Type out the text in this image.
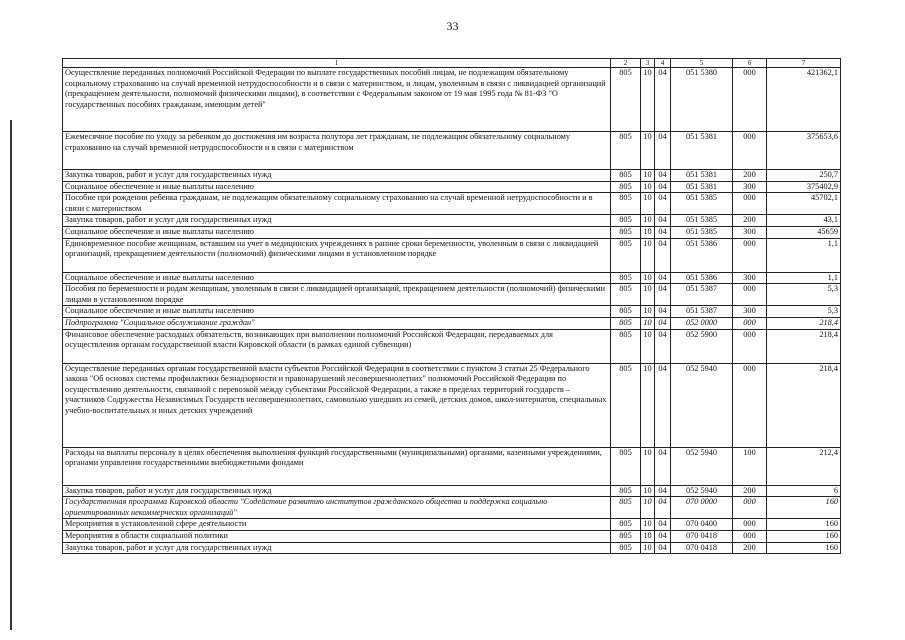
33
1	2	3	4	5	6	7
Осуществление переданных полномочий Российской Федерации по выплате государственных пособий лицам, не подлежащим обязательному социальному страхованию на случай временной нетрудоспособности и в связи с материнством, и лицам, уволенным в связи с ликвидацией организаций (прекращением деятельности, полномочий физическими лицами), в соответствии с Федеральным законом от 19 мая 1995 года № 81-ФЗ "О государственных пособиях гражданам, имеющим детей"	805	10	04	051 5380	000	421362,1
Ежемесячное пособие по уходу за ребенком до достижения им возраста полутора лет гражданам, не подлежащим обязательному социальному страхованию на случай временной нетрудоспособности и в связи с материнством	805	10	04	051 5381	000	375653,6
Закупка товаров, работ и услуг для государственных нужд	805	10	04	051 5381	200	250,7
Социальное обеспечение и иные выплаты населению	805	10	04	051 5381	300	375402,9
Пособие при рождении ребенка гражданам, не подлежащим обязательному социальному страхованию на случай временной нетрудоспособности и в связи с материнством	805	10	04	051 5385	000	45702,1
Закупка товаров, работ и услуг для государственных нужд	805	10	04	051 5385	200	43,1
Социальное обеспечение и иные выплаты населению	805	10	04	051 5385	300	45659
Единовременное пособие женщинам, вставшим на учет в медицинских учреждениях в ранние сроки беременности, уволенным в связи с ликвидацией организаций, прекращением деятельности (полномочий) физическими лицами в установленном порядке	805	10	04	051 5386	000	1,1
Социальное обеспечение и иные выплаты населению	805	10	04	051 5386	300	1,1
Пособия по беременности и родам женщинам, уволенным в связи с ликвидацией организаций, прекращением деятельности (полномочий) физическими лицами в установленном порядке	805	10	04	051 5387	000	5,3
Социальное обеспечение и иные выплаты населению	805	10	04	051 5387	300	5,3
Подпрограмма "Социальное обслуживание граждан"	805	10	04	052 0000	000	218,4
Финансовое обеспечение расходных обязательств, возникающих при выполнении полномочий Российской Федерации, передаваемых для осуществления органам государственной власти Кировской области (в рамках единой субвенции)	805	10	04	052 5900	000	218,4
Осуществление переданных органам государственной власти субъектов Российской Федерации в соответствии с пунктом 3 статьи 25 Федерального закона "Об основах системы профилактики безнадзорности и правонарушений несовершеннолетних" полномочий Российской Федерации по осуществлению деятельности, связанной с перевозкой между субъектами Российской Федерации, а также в пределах территорий государств – участников Содружества Независимых Государств несовершеннолетних, самовольно ушедших из семей, детских домов, школ-интернатов, специальных учебно-воспитательных и иных детских учреждений	805	10	04	052 5940	000	218,4
Расходы на выплаты персоналу в целях обеспечения выполнения функций государственными (муниципальными) органами, казенными учреждениями, органами управления государственными внебюджетными фондами	805	10	04	052 5940	100	212,4
Закупка товаров, работ и услуг для государственных нужд	805	10	04	052 5940	200	6
Государственная программа Кировской области "Содействие развитию институтов гражданского общества и поддержка социально ориентированных некоммерческих организаций"	805	10	04	070 0000	000	160
Мероприятия в установленной сфере деятельности	805	10	04	070 0400	000	160
Мероприятия в области социальной политики	805	10	04	070 0418	000	160
Закупка товаров, работ и услуг для государственных нужд	805	10	04	070 0418	200	160
